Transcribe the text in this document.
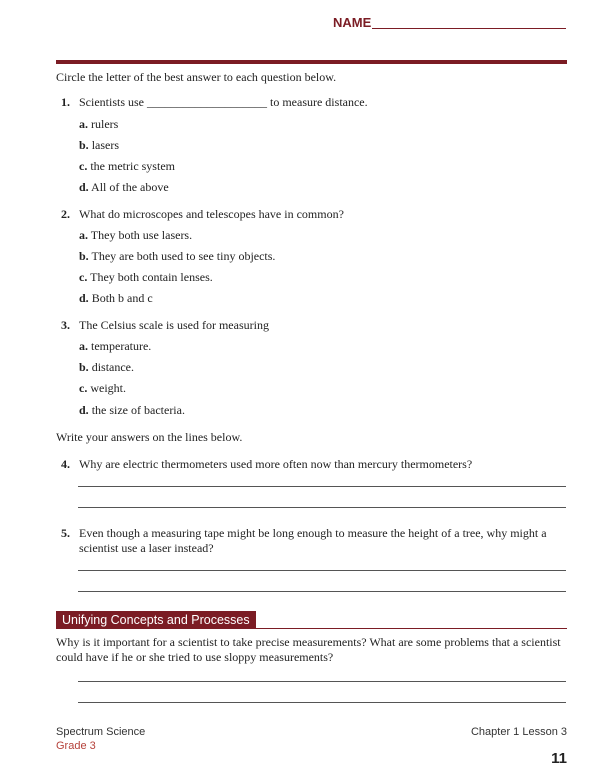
NAME
Circle the letter of the best answer to each question below.
1. Scientists use ____________________ to measure distance.
a. rulers
b. lasers
c. the metric system
d. All of the above
2. What do microscopes and telescopes have in common?
a. They both use lasers.
b. They are both used to see tiny objects.
c. They both contain lenses.
d. Both b and c
3. The Celsius scale is used for measuring
a. temperature.
b. distance.
c. weight.
d. the size of bacteria.
Write your answers on the lines below.
4. Why are electric thermometers used more often now than mercury thermometers?
5. Even though a measuring tape might be long enough to measure the height of a tree, why might a
scientist use a laser instead?
Unifying Concepts and Processes
Why is it important for a scientist to take precise measurements? What are some problems that a scientist
could have if he or she tried to use sloppy measurements?
Spectrum Science
Grade 3
Chapter 1 Lesson 3
11
